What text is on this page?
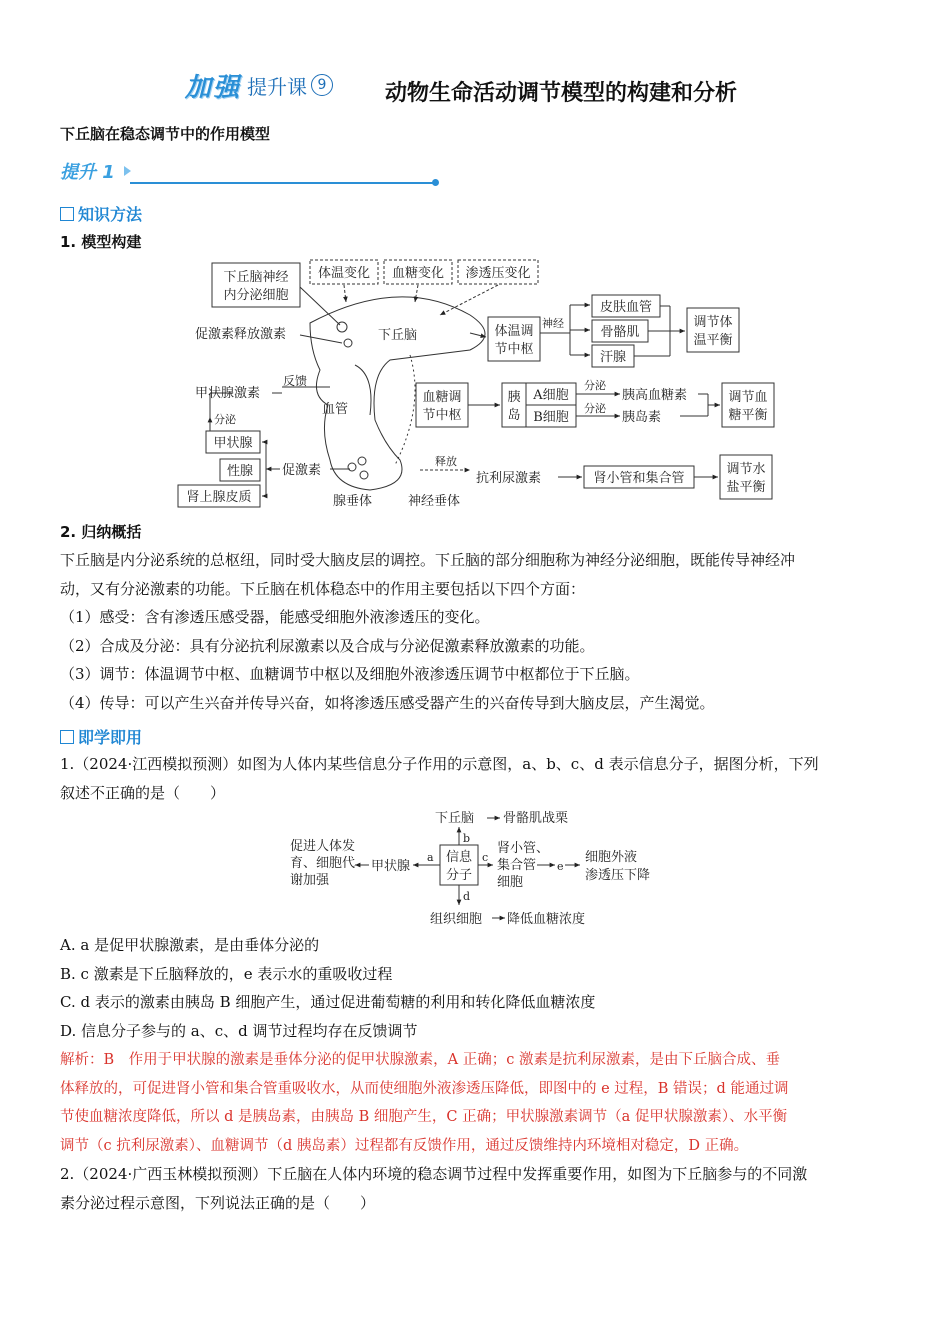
加强 提升课 9	动物生命活动调节模型的构建和分析
下丘脑在稳态调节中的作用模型
提升 1
知识方法
1. 模型构建
下丘脑神经
内分泌细胞
体温变化 血糖变化 渗透压变化
下丘脑
促激素释放激素
甲状腺激素
反馈
分泌
血管
甲状腺
性腺
肾上腺皮质
促激素
腺垂体	神经垂体
释放
体温调
节中枢
神经
皮肤血管
骨骼肌
汗腺
调节体
温平衡
血糖调
节中枢
胰
岛
A细胞
B细胞
分泌
分泌
胰高血糖素
胰岛素
调节血
糖平衡
抗利尿激素	肾小管和集合管
调节水
盐平衡
2. 归纳概括
下丘脑是内分泌系统的总枢纽，同时受大脑皮层的调控。下丘脑的部分细胞称为神经分泌细胞，既能传导神经冲
动，又有分泌激素的功能。下丘脑在机体稳态中的作用主要包括以下四个方面：
（1）感受：含有渗透压感受器，能感受细胞外液渗透压的变化。
（2）合成及分泌：具有分泌抗利尿激素以及合成与分泌促激素释放激素的功能。
（3）调节：体温调节中枢、血糖调节中枢以及细胞外液渗透压调节中枢都位于下丘脑。
（4）传导：可以产生兴奋并传导兴奋，如将渗透压感受器产生的兴奋传导到大脑皮层，产生渴觉。
即学即用
1.（2024·江西模拟预测）如图为人体内某些信息分子作用的示意图，a、b、c、d 表示信息分子，据图分析，下列
叙述不正确的是（　　）
下丘脑 骨骼肌战栗
信息
分子
甲状腺
促进人体发
育、细胞代
谢加强
肾小管、
集合管
细胞
细胞外液
渗透压下降
组织细胞 降低血糖浓度
a
b
c
d
e
A. a 是促甲状腺激素，是由垂体分泌的
B. c 激素是下丘脑释放的，e 表示水的重吸收过程
C. d 表示的激素由胰岛 B 细胞产生，通过促进葡萄糖的利用和转化降低血糖浓度
D. 信息分子参与的 a、c、d 调节过程均存在反馈调节
解析：B　作用于甲状腺的激素是垂体分泌的促甲状腺激素，A 正确；c 激素是抗利尿激素，是由下丘脑合成、垂
体释放的，可促进肾小管和集合管重吸收水，从而使细胞外液渗透压降低，即图中的 e 过程，B 错误；d 能通过调
节使血糖浓度降低，所以 d 是胰岛素，由胰岛 B 细胞产生，C 正确；甲状腺激素调节（a 促甲状腺激素）、水平衡
调节（c 抗利尿激素）、血糖调节（d 胰岛素）过程都有反馈作用，通过反馈维持内环境相对稳定，D 正确。
2.（2024·广西玉林模拟预测）下丘脑在人体内环境的稳态调节过程中发挥重要作用，如图为下丘脑参与的不同激
素分泌过程示意图，下列说法正确的是（　　）
